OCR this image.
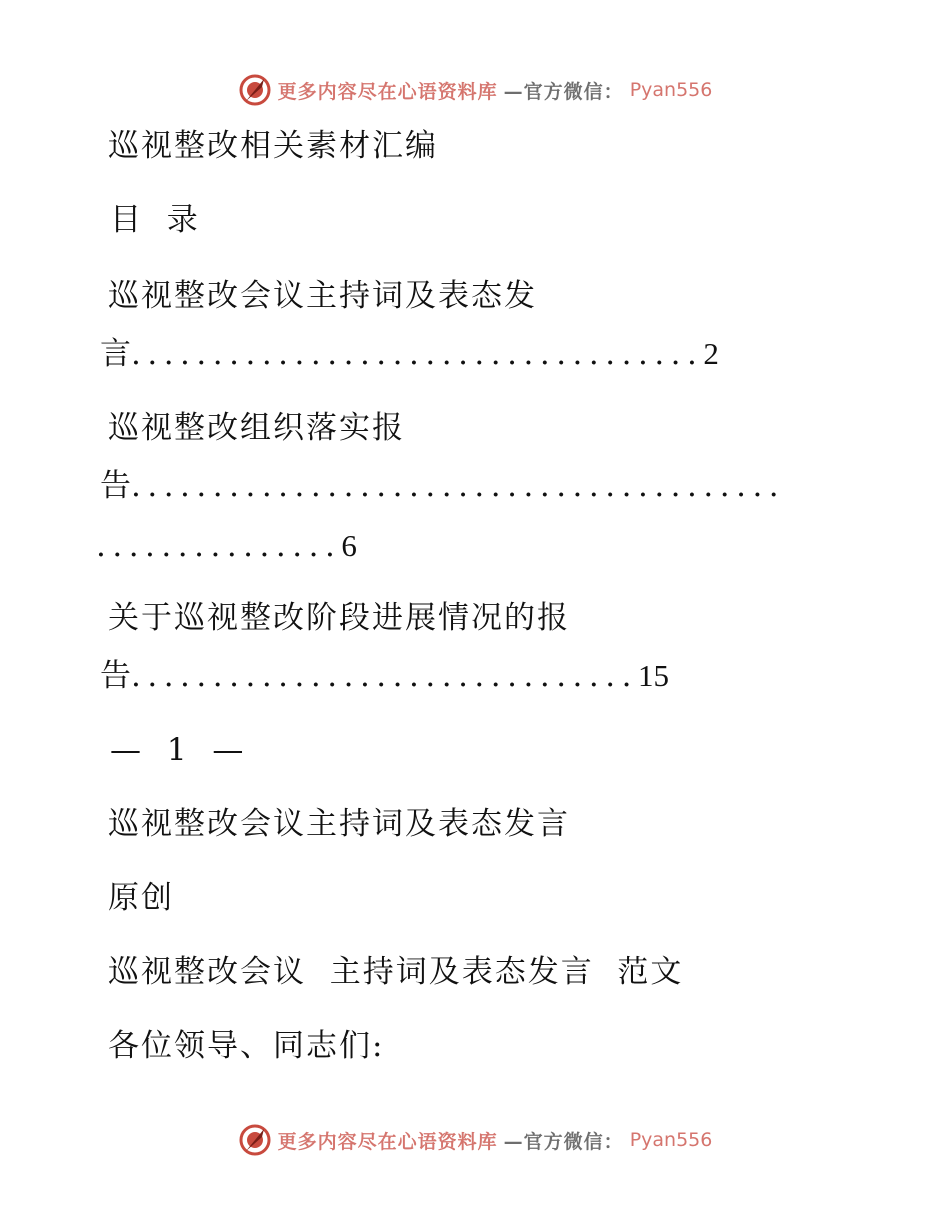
更多内容尽在心语资料库 —官方微信： Pyan556
巡视整改相关素材汇编
目  录
巡视整改会议主持词及表态发
言...................................2
巡视整改组织落实报
告........................................
...............6
关于巡视整改阶段进展情况的报
告...............................15
— 1 —
巡视整改会议主持词及表态发言
原创
巡视整改会议  主持词及表态发言  范文
各位领导、同志们:
更多内容尽在心语资料库 —官方微信： Pyan556
